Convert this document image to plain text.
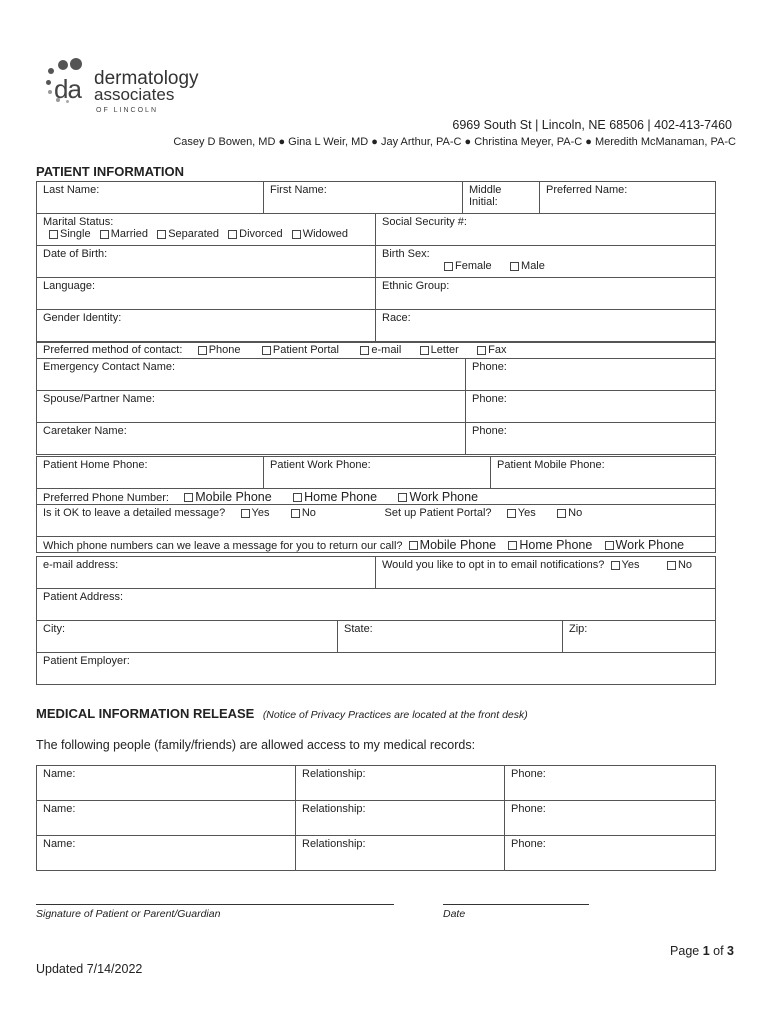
da dermatology
associates
OF LINCOLN
6969 South St | Lincoln, NE 68506 | 402-413-7460
Casey D Bowen, MD ● Gina L Weir, MD ● Jay Arthur, PA-C ● Christina Meyer, PA-C ● Meredith McManaman, PA-C
PATIENT INFORMATION
Last Name:	First Name:	Middle Initial:	Preferred Name:
Marital Status:
Single Married Separated Divorced Widowed	Social Security #:
Date of Birth:	Birth Sex:
Female Male

Language:	Ethnic Group:
Gender Identity:	Race:
Preferred method of contact: Phone Patient Portal e-mail Letter Fax	
Emergency Contact Name:	Phone:
Spouse/Partner Name:	Phone:
Caretaker Name:	Phone:
Patient Home Phone:	Patient Work Phone:	Patient Mobile Phone:
Preferred Phone Number: Mobile Phone	Home Phone	Work Phone
Is it OK to leave a detailed message? Yes	No	Set up Patient Portal? Yes	No

Which phone numbers can we leave a message for you to return our call? Mobile Phone Home Phone Work Phone
e-mail address:	Would you like to opt in to email notifications? Yes	No
Patient Address:
City:	State:	Zip:
Patient Employer:
MEDICAL INFORMATION RELEASE (Notice of Privacy Practices are located at the front desk)
The following people (family/friends) are allowed access to my medical records:
Name:	Relationship:	Phone:
Name:	Relationship:	Phone:
Name:	Relationship:	Phone:
Signature of Patient or Parent/Guardian	Date
Page 1 of 3
Updated 7/14/2022
